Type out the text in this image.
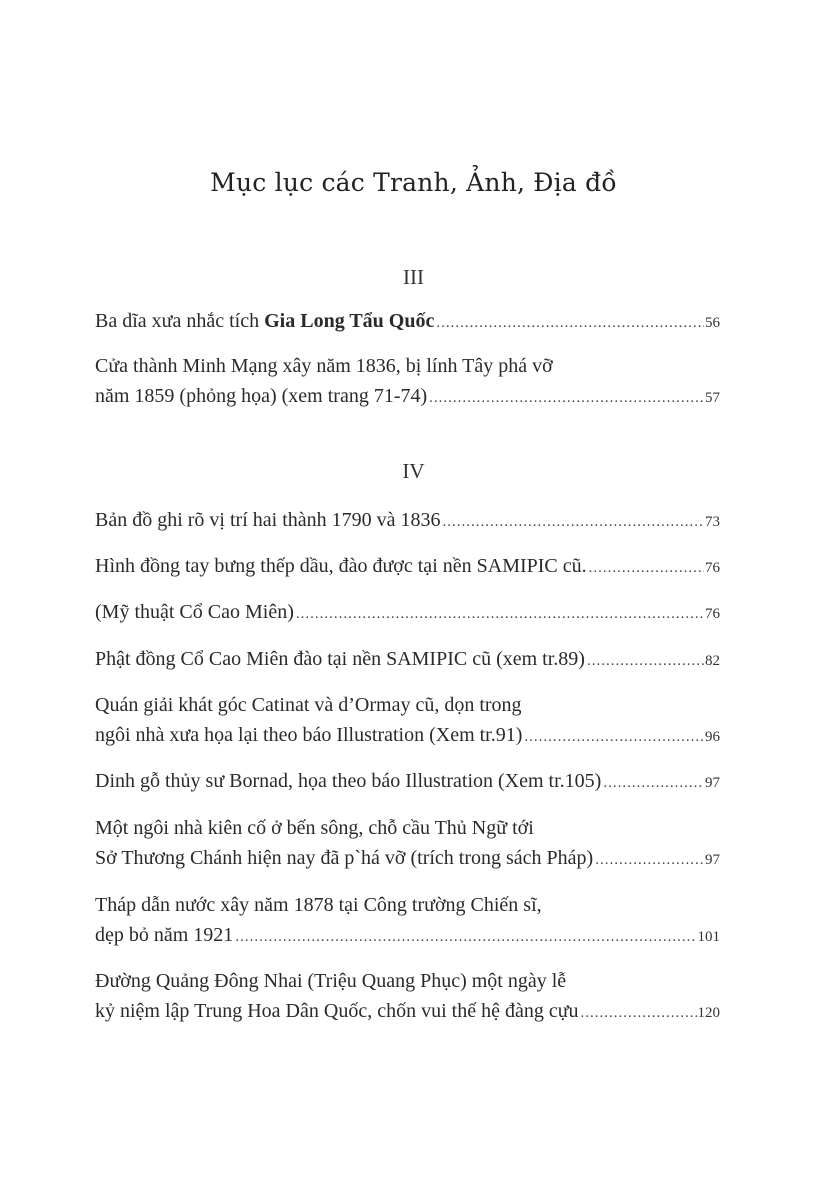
Mục lục các Tranh, Ảnh, Địa đồ
III
Ba dĩa xưa nhắc tích Gia Long Tẩu Quốc .....	56
Cửa thành Minh Mạng xây năm 1836, bị lính Tây phá vỡ
năm 1859 (phỏng họa) (xem trang 71-74) .....	57
IV
Bản đồ ghi rõ vị trí hai thành 1790 và 1836 .....	73
Hình đồng tay bưng thếp dầu, đào được tại nền SAMIPIC cũ. .....	76
(Mỹ thuật Cổ Cao Miên) .....	76
Phật đồng Cổ Cao Miên đào tại nền SAMIPIC cũ (xem tr.89) .....	82
Quán giải khát góc Catinat và d’Ormay cũ, dọn trong
ngôi nhà xưa họa lại theo báo Illustration (Xem tr.91) .....	96
Dinh gỗ thủy sư Bornad, họa theo báo Illustration (Xem tr.105) .....	97
Một ngôi nhà kiên cố ở bến sông, chỗ cầu Thủ Ngữ tới
Sở Thương Chánh hiện nay đã p`há vỡ (trích trong sách Pháp) .....	97
Tháp dẫn nước xây năm 1878 tại Công trường Chiến sĩ,
dẹp bỏ năm 1921 .....	101
Đường Quảng Đông Nhai (Triệu Quang Phục) một ngày lễ
kỷ niệm lập Trung Hoa Dân Quốc, chốn vui thế hệ đàng cựu .....	120
